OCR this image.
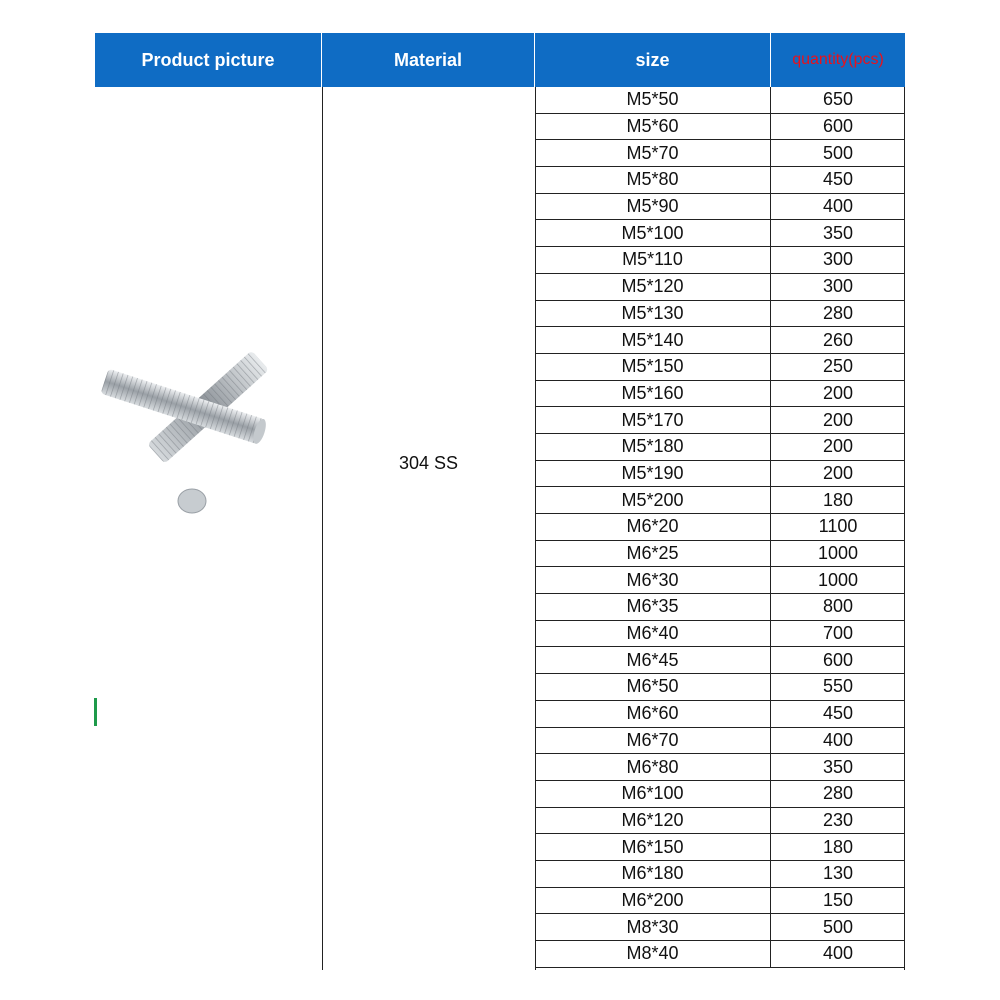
Product picture	Material	size	quantity(pcs)
304 SS
M5*50	650
M5*60	600
M5*70	500
M5*80	450
M5*90	400
M5*100	350
M5*110	300
M5*120	300
M5*130	280
M5*140	260
M5*150	250
M5*160	200
M5*170	200
M5*180	200
M5*190	200
M5*200	180
M6*20	1100
M6*25	1000
M6*30	1000
M6*35	800
M6*40	700
M6*45	600
M6*50	550
M6*60	450
M6*70	400
M6*80	350
M6*100	280
M6*120	230
M6*150	180
M6*180	130
M6*200	150
M8*30	500
M8*40	400
